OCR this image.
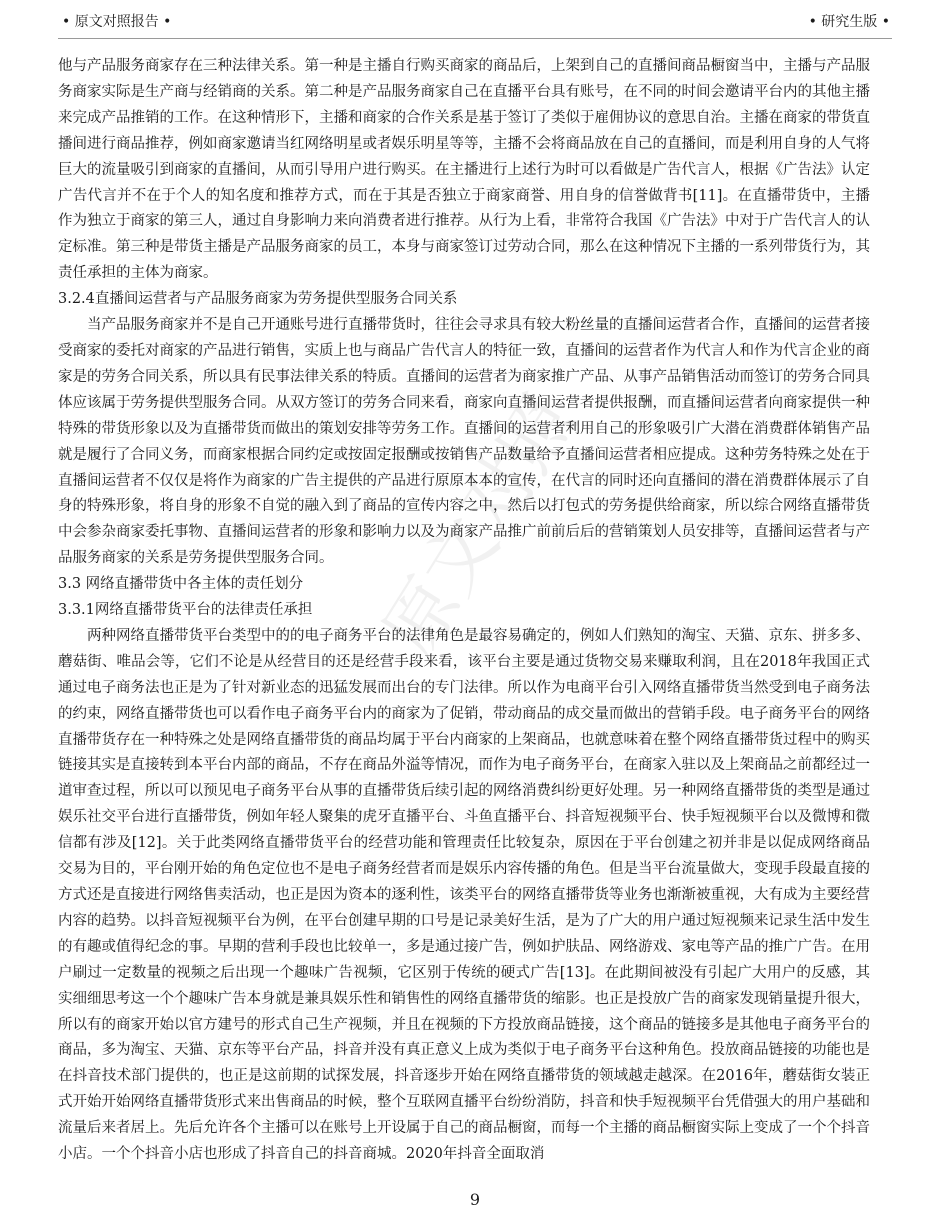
• 原文对照报告 •	• 研究生版 •
原文对照

他与产品服务商家存在三种法律关系。第一种是主播自行购买商家的商品后，上架到自己的直播间商品橱窗当中，主播与产品服务商家实际是生产商与经销商的关系。第二种是产品服务商家自己在直播平台具有账号，在不同的时间会邀请平台内的其他主播来完成产品推销的工作。在这种情形下，主播和商家的合作关系是基于签订了类似于雇佣协议的意思自治。主播在商家的带货直播间进行商品推荐，例如商家邀请当红网络明星或者娱乐明星等等，主播不会将商品放在自己的直播间，而是利用自身的人气将巨大的流量吸引到商家的直播间，从而引导用户进行购买。在主播进行上述行为时可以看做是广告代言人，根据《广告法》认定广告代言并不在于个人的知名度和推荐方式，而在于其是否独立于商家商誉、用自身的信誉做背书[11]。在直播带货中，主播作为独立于商家的第三人，通过自身影响力来向消费者进行推荐。从行为上看，非常符合我国《广告法》中对于广告代言人的认定标准。第三种是带货主播是产品服务商家的员工，本身与商家签订过劳动合同，那么在这种情况下主播的一系列带货行为，其责任承担的主体为商家。

3.2.4直播间运营者与产品服务商家为劳务提供型服务合同关系

当产品服务商家并不是自己开通账号进行直播带货时，往往会寻求具有较大粉丝量的直播间运营者合作，直播间的运营者接受商家的委托对商家的产品进行销售，实质上也与商品广告代言人的特征一致，直播间的运营者作为代言人和作为代言企业的商家是的劳务合同关系，所以具有民事法律关系的特质。直播间的运营者为商家推广产品、从事产品销售活动而签订的劳务合同具体应该属于劳务提供型服务合同。从双方签订的劳务合同来看，商家向直播间运营者提供报酬，而直播间运营者向商家提供一种特殊的带货形象以及为直播带货而做出的策划安排等劳务工作。直播间的运营者利用自己的形象吸引广大潜在消费群体销售产品就是履行了合同义务，而商家根据合同约定或按固定报酬或按销售产品数量给予直播间运营者相应提成。这种劳务特殊之处在于直播间运营者不仅仅是将作为商家的广告主提供的产品进行原原本本的宣传，在代言的同时还向直播间的潜在消费群体展示了自身的特殊形象，将自身的形象不自觉的融入到了商品的宣传内容之中，然后以打包式的劳务提供给商家，所以综合网络直播带货中会参杂商家委托事物、直播间运营者的形象和影响力以及为商家产品推广前前后后的营销策划人员安排等，直播间运营者与产品服务商家的关系是劳务提供型服务合同。

3.3 网络直播带货中各主体的责任划分

3.3.1网络直播带货平台的法律责任承担

两种网络直播带货平台类型中的的电子商务平台的法律角色是最容易确定的，例如人们熟知的淘宝、天猫、京东、拼多多、蘑菇街、唯品会等，它们不论是从经营目的还是经营手段来看，该平台主要是通过货物交易来赚取利润，且在2018年我国正式通过电子商务法也正是为了针对新业态的迅猛发展而出台的专门法律。所以作为电商平台引入网络直播带货当然受到电子商务法的约束，网络直播带货也可以看作电子商务平台内的商家为了促销，带动商品的成交量而做出的营销手段。电子商务平台的网络直播带货存在一种特殊之处是网络直播带货的商品均属于平台内商家的上架商品，也就意味着在整个网络直播带货过程中的购买链接其实是直接转到本平台内部的商品，不存在商品外溢等情况，而作为电子商务平台，在商家入驻以及上架商品之前都经过一道审查过程，所以可以预见电子商务平台从事的直播带货后续引起的网络消费纠纷更好处理。另一种网络直播带货的类型是通过娱乐社交平台进行直播带货，例如年轻人聚集的虎牙直播平台、斗鱼直播平台、抖音短视频平台、快手短视频平台以及微博和微信都有涉及[12]。关于此类网络直播带货平台的经营功能和管理责任比较复杂，原因在于平台创建之初并非是以促成网络商品交易为目的，平台刚开始的角色定位也不是电子商务经营者而是娱乐内容传播的角色。但是当平台流量做大，变现手段最直接的方式还是直接进行网络售卖活动，也正是因为资本的逐利性，该类平台的网络直播带货等业务也渐渐被重视，大有成为主要经营内容的趋势。以抖音短视频平台为例，在平台创建早期的口号是记录美好生活，是为了广大的用户通过短视频来记录生活中发生的有趣或值得纪念的事。早期的营利手段也比较单一，多是通过接广告，例如护肤品、网络游戏、家电等产品的推广广告。在用户刷过一定数量的视频之后出现一个趣味广告视频，它区别于传统的硬式广告[13]。在此期间被没有引起广大用户的反感，其实细细思考这一个个趣味广告本身就是兼具娱乐性和销售性的网络直播带货的缩影。也正是投放广告的商家发现销量提升很大，所以有的商家开始以官方建号的形式自己生产视频，并且在视频的下方投放商品链接，这个商品的链接多是其他电子商务平台的商品，多为淘宝、天猫、京东等平台产品，抖音并没有真正意义上成为类似于电子商务平台这种角色。投放商品链接的功能也是在抖音技术部门提供的，也正是这前期的试探发展，抖音逐步开始在网络直播带货的领域越走越深。在2016年，蘑菇街女装正式开始开始网络直播带货形式来出售商品的时候，整个互联网直播平台纷纷消防，抖音和快手短视频平台凭借强大的用户基础和流量后来者居上。先后允许各个主播可以在账号上开设属于自己的商品橱窗，而每一个主播的商品橱窗实际上变成了一个个抖音小店。一个个抖音小店也形成了抖音自己的抖音商城。2020年抖音全面取消

9
